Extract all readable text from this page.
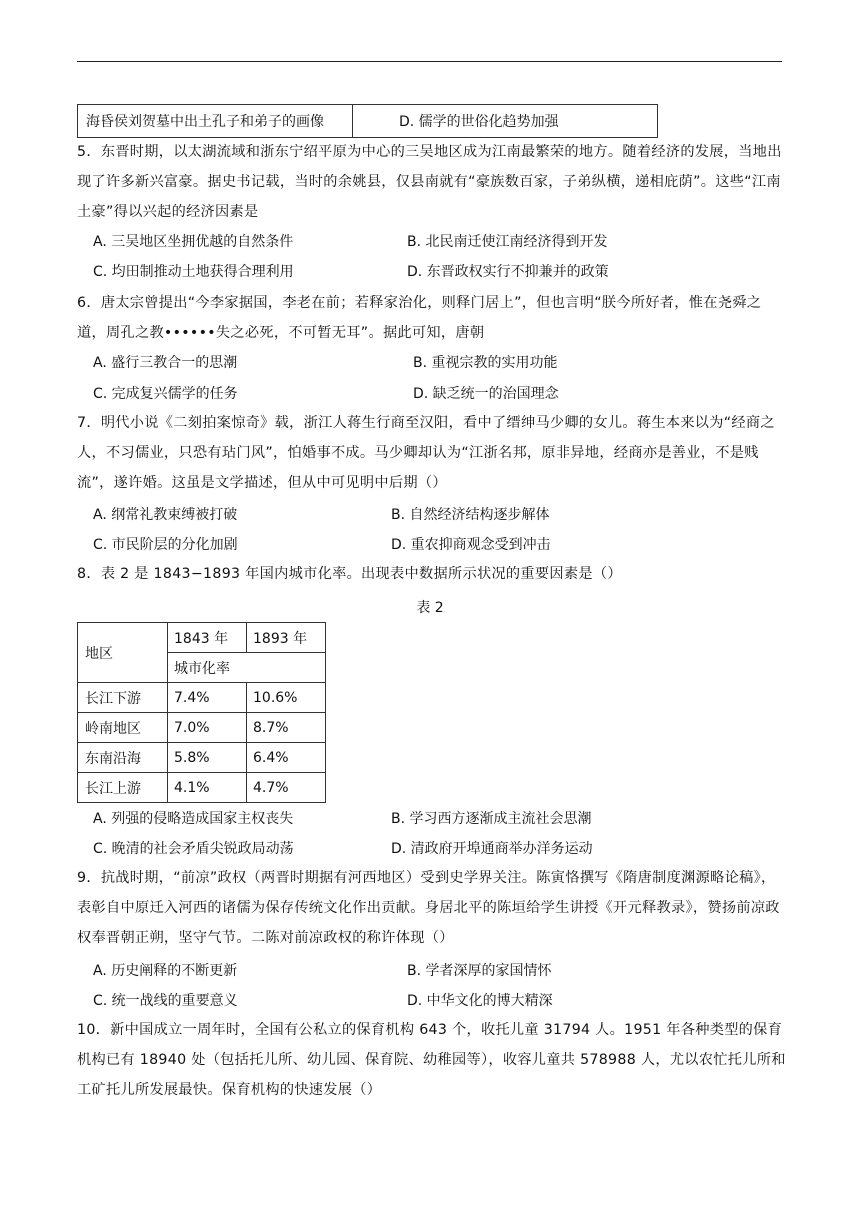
海昏侯刘贺墓中出土孔子和弟子的画像	D. 儒学的世俗化趋势加强
5．东晋时期，以太湖流域和浙东宁绍平原为中心的三吴地区成为江南最繁荣的地方。随着经济的发展，当地出现了许多新兴富豪。据史书记载，当时的余姚县，仅县南就有“豪族数百家，子弟纵横，递相庇荫”。这些“江南土豪”得以兴起的经济因素是
A. 三吴地区坐拥优越的自然条件	B. 北民南迁使江南经济得到开发
C. 均田制推动土地获得合理利用	D. 东晋政权实行不抑兼并的政策
6．唐太宗曾提出“今李家据国，李老在前；若释家治化，则释门居上”，但也言明“朕今所好者，惟在尧舜之道，周孔之教••••••失之必死，不可暂无耳”。据此可知，唐朝
A. 盛行三教合一的思潮	B. 重视宗教的实用功能
C. 完成复兴儒学的任务	D. 缺乏统一的治国理念
7．明代小说《二刻拍案惊奇》载，浙江人蒋生行商至汉阳，看中了缙绅马少卿的女儿。蒋生本来以为“经商之人，不习儒业，只恐有玷门风”，怕婚事不成。马少卿却认为“江浙名邦，原非异地，经商亦是善业，不是贱流”，遂许婚。这虽是文学描述，但从中可见明中后期（）
A. 纲常礼教束缚被打破	B. 自然经济结构逐步解体
C. 市民阶层的分化加剧	D. 重农抑商观念受到冲击
8．表 2 是 1843−1893 年国内城市化率。出现表中数据所示状况的重要因素是（）
表 2
地区	1843 年	1893 年
	城市化率	
长江下游	7.4%	10.6%
岭南地区	7.0%	8.7%
东南沿海	5.8%	6.4%
长江上游	4.1%	4.7%
A. 列强的侵略造成国家主权丧失	B. 学习西方逐渐成主流社会思潮
C. 晚清的社会矛盾尖锐政局动荡	D. 清政府开埠通商举办洋务运动
9．抗战时期，“前凉”政权（两晋时期据有河西地区）受到史学界关注。陈寅恪撰写《隋唐制度渊源略论稿》，表彰自中原迁入河西的诸儒为保存传统文化作出贡献。身居北平的陈垣给学生讲授《开元释教录》，赞扬前凉政权奉晋朝正朔，坚守气节。二陈对前凉政权的称许体现（）
A. 历史阐释的不断更新	B. 学者深厚的家国情怀
C. 统一战线的重要意义	D. 中华文化的博大精深
10．新中国成立一周年时，全国有公私立的保育机构 643 个，收托儿童 31794 人。1951 年各种类型的保育机构已有 18940 处（包括托儿所、幼儿园、保育院、幼稚园等），收容儿童共 578988 人，尤以农忙托儿所和工矿托儿所发展最快。保育机构的快速发展（）
